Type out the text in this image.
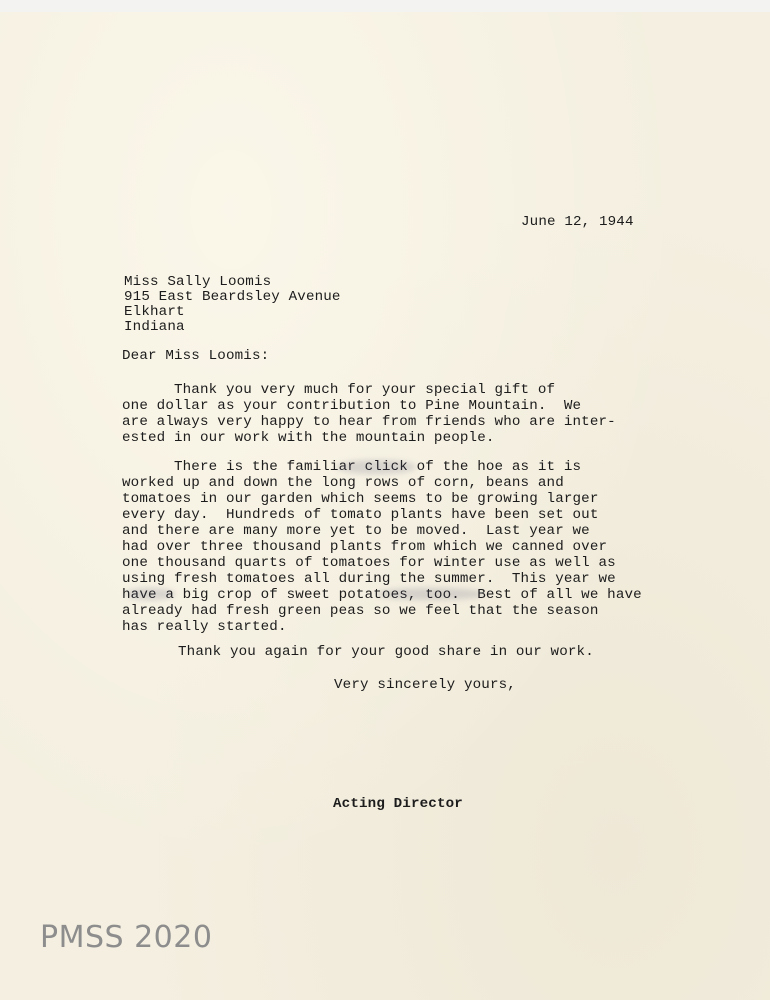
June 12, 1944
Miss Sally Loomis
915 East Beardsley Avenue
Elkhart
Indiana
Dear Miss Loomis:
Thank you very much for your special gift of
one dollar as your contribution to Pine Mountain.  We
are always very happy to hear from friends who are inter-
ested in our work with the mountain people.
There is the familiar click of the hoe as it is
worked up and down the long rows of corn, beans and
tomatoes in our garden which seems to be growing larger
every day.  Hundreds of tomato plants have been set out
and there are many more yet to be moved.  Last year we
had over three thousand plants from which we canned over
one thousand quarts of tomatoes for winter use as well as
using fresh tomatoes all during the summer.  This year we
have a big crop of sweet potatoes, too.  Best of all we have
already had fresh green peas so we feel that the season
has really started.
Thank you again for your good share in our work.
Very sincerely yours,
Acting Director
PMSS 2020
